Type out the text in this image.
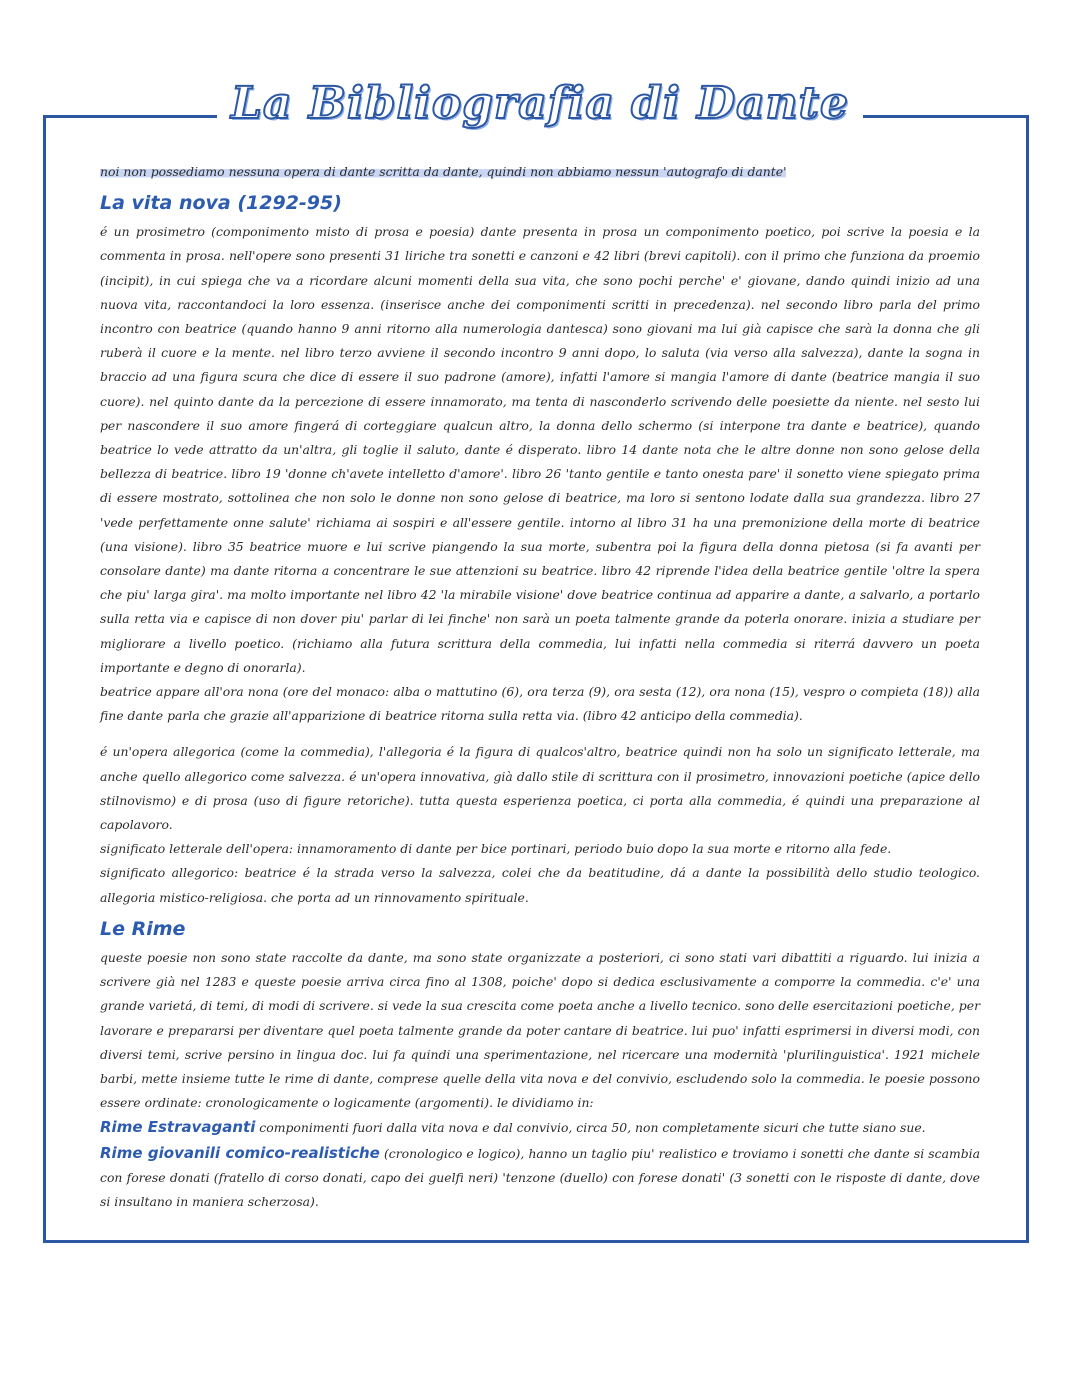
La Bibliografia di Dante

noi non possediamo nessuna opera di dante scritta da dante, quindi non abbiamo nessun 'autografo di dante'

La vita nova (1292-95)

é un prosimetro (componimento misto di prosa e poesia) dante presenta in prosa un componimento poetico, poi scrive la poesia e la commenta in prosa. nell'opere sono presenti 31 liriche tra sonetti e canzoni e 42 libri (brevi capitoli). con il primo che funziona da proemio (incipit), in cui spiega che va a ricordare alcuni momenti della sua vita, che sono pochi perche' e' giovane, dando quindi inizio ad una nuova vita, raccontandoci la loro essenza. (inserisce anche dei componimenti scritti in precedenza). nel secondo libro parla del primo incontro con beatrice (quando hanno 9 anni ritorno alla numerologia dantesca) sono giovani ma lui già capisce che sarà la donna che gli ruberà il cuore e la mente. nel libro terzo avviene il secondo incontro 9 anni dopo, lo saluta (via verso alla salvezza), dante la sogna in braccio ad una figura scura che dice di essere il suo padrone (amore), infatti l'amore si mangia l'amore di dante (beatrice mangia il suo cuore). nel quinto dante da la percezione di essere innamorato, ma tenta di nasconderlo scrivendo delle poesiette da niente. nel sesto lui per nascondere il suo amore fingerá di corteggiare qualcun altro, la donna dello schermo (si interpone tra dante e beatrice), quando beatrice lo vede attratto da un'altra, gli toglie il saluto, dante é disperato. libro 14 dante nota che le altre donne non sono gelose della bellezza di beatrice. libro 19 'donne ch'avete intelletto d'amore'. libro 26 'tanto gentile e tanto onesta pare' il sonetto viene spiegato prima di essere mostrato, sottolinea che non solo le donne non sono gelose di beatrice, ma loro si sentono lodate dalla sua grandezza. libro 27 'vede perfettamente onne salute' richiama ai sospiri e all'essere gentile. intorno al libro 31 ha una premonizione della morte di beatrice (una visione). libro 35 beatrice muore e lui scrive piangendo la sua morte, subentra poi la figura della donna pietosa (si fa avanti per consolare dante) ma dante ritorna a concentrare le sue attenzioni su beatrice. libro 42 riprende l'idea della beatrice gentile 'oltre la spera che piu' larga gira'. ma molto importante nel libro 42 'la mirabile visione' dove beatrice continua ad apparire a dante, a salvarlo, a portarlo sulla retta via e capisce di non dover piu' parlar di lei finche' non sarà un poeta talmente grande da poterla onorare. inizia a studiare per migliorare a livello poetico. (richiamo alla futura scrittura della commedia, lui infatti nella commedia si riterrá davvero un poeta importante e degno di onorarla).

beatrice appare all'ora nona (ore del monaco: alba o mattutino (6), ora terza (9), ora sesta (12), ora nona (15), vespro o compieta (18)) alla fine dante parla che grazie all'apparizione di beatrice ritorna sulla retta via. (libro 42 anticipo della commedia).

é un'opera allegorica (come la commedia), l'allegoria é la figura di qualcos'altro, beatrice quindi non ha solo un significato letterale, ma anche quello allegorico come salvezza. é un'opera innovativa, già dallo stile di scrittura con il prosimetro, innovazioni poetiche (apice dello stilnovismo) e di prosa (uso di figure retoriche). tutta questa esperienza poetica, ci porta alla commedia, é quindi una preparazione al capolavoro.

significato letterale dell'opera: innamoramento di dante per bice portinari, periodo buio dopo la sua morte e ritorno alla fede.

significato allegorico: beatrice é la strada verso la salvezza, colei che da beatitudine, dá a dante la possibilità dello studio teologico. allegoria mistico-religiosa. che porta ad un rinnovamento spirituale.

Le Rime

queste poesie non sono state raccolte da dante, ma sono state organizzate a posteriori, ci sono stati vari dibattiti a riguardo. lui inizia a scrivere già nel 1283 e queste poesie arriva circa fino al 1308, poiche' dopo si dedica esclusivamente a comporre la commedia. c'e' una grande varietá, di temi, di modi di scrivere. si vede la sua crescita come poeta anche a livello tecnico. sono delle esercitazioni poetiche, per lavorare e prepararsi per diventare quel poeta talmente grande da poter cantare di beatrice. lui puo' infatti esprimersi in diversi modi, con diversi temi, scrive persino in lingua doc. lui fa quindi una sperimentazione, nel ricercare una modernità 'plurilinguistica'. 1921 michele barbi, mette insieme tutte le rime di dante, comprese quelle della vita nova e del convivio, escludendo solo la commedia. le poesie possono essere ordinate: cronologicamente o logicamente (argomenti). le dividiamo in:

Rime Estravaganti componimenti fuori dalla vita nova e dal convivio, circa 50, non completamente sicuri che tutte siano sue.

Rime giovanili comico-realistiche (cronologico e logico), hanno un taglio piu' realistico e troviamo i sonetti che dante si scambia con forese donati (fratello di corso donati, capo dei guelfi neri) 'tenzone (duello) con forese donati' (3 sonetti con le risposte di dante, dove si insultano in maniera scherzosa).
